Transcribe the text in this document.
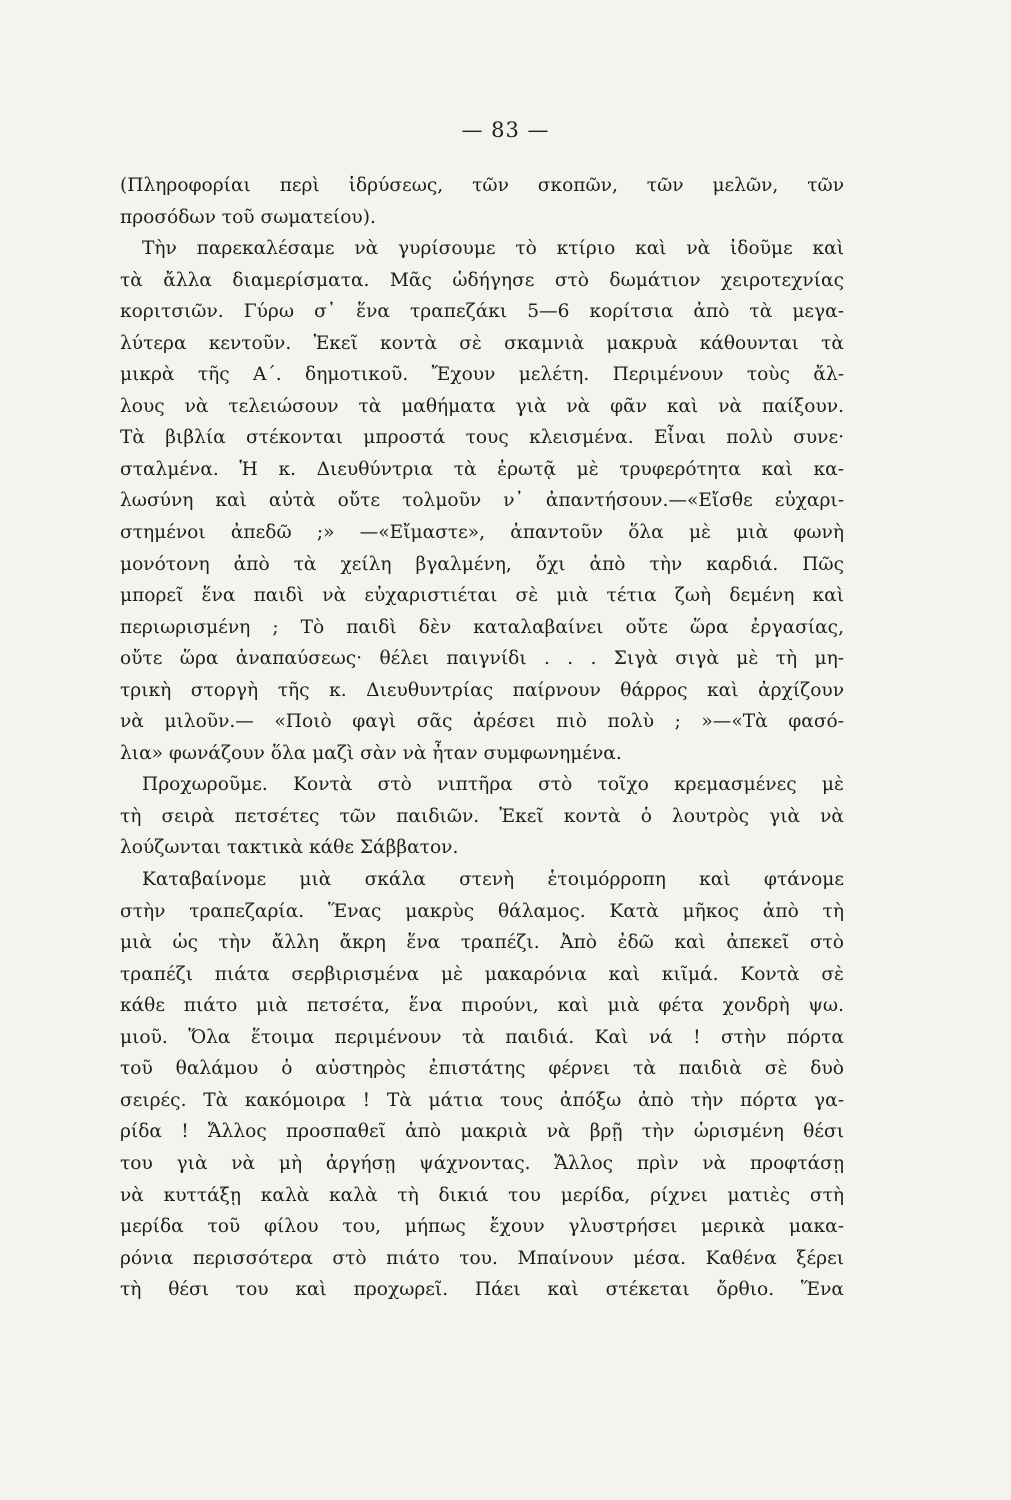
— 83 —
(Πληροφορίαι περὶ ἱδρύσεως, τῶν σκοπῶν, τῶν μελῶν, τῶν
προσόδων τοῦ σωματείου).
Τὴν παρεκαλέσαμε νὰ γυρίσουμε τὸ κτίριο καὶ νὰ ἰδοῦμε καὶ
τὰ ἄλλα διαμερίσματα. Μᾶς ὡδήγησε στὸ δωμάτιον χειροτεχνίας
κοριτσιῶν. Γύρω σ᾽ ἕνα τραπεζάκι 5—6 κορίτσια ἀπὸ τὰ μεγα-
λύτερα κεντοῦν. Ἐκεῖ κοντὰ σὲ σκαμνιὰ μακρυὰ κάθουνται τὰ
μικρὰ τῆς Α΄. δημοτικοῦ. Ἔχουν μελέτη. Περιμένουν τοὺς ἄλ-
λους νὰ τελειώσουν τὰ μαθήματα γιὰ νὰ φᾶν καὶ νὰ παίξουν.
Τὰ βιβλία στέκονται μπροστά τους κλεισμένα. Εἶναι πολὺ συνε·
σταλμένα. Ἡ κ. Διευθύντρια τὰ ἐρωτᾷ μὲ τρυφερότητα καὶ κα-
λωσύνη καὶ αὐτὰ οὔτε τολμοῦν ν᾽ ἀπαντήσουν.—«Εἴσθε εὐχαρι-
στημένοι ἀπεδῶ ;» —«Εἴμαστε», ἀπαντοῦν ὅλα μὲ μιὰ φωνὴ
μονότονη ἀπὸ τὰ χείλη βγαλμένη, ὄχι ἀπὸ τὴν καρδιά. Πῶς
μπορεῖ ἕνα παιδὶ νὰ εὐχαριστιέται σὲ μιὰ τέτια ζωὴ δεμένη καὶ
περιωρισμένη ; Τὸ παιδὶ δὲν καταλαβαίνει οὔτε ὥρα ἐργασίας,
οὔτε ὥρα ἀναπαύσεως· θέλει παιγνίδι . . . Σιγὰ σιγὰ μὲ τὴ μη-
τρικὴ στοργὴ τῆς κ. Διευθυντρίας παίρνουν θάρρος καὶ ἀρχίζουν
νὰ μιλοῦν.— «Ποιὸ φαγὶ σᾶς ἀρέσει πιὸ πολὺ ; »—«Τὰ φασό-
λια» φωνάζουν ὅλα μαζὶ σὰν νὰ ἦταν συμφωνημένα.
Προχωροῦμε. Κοντὰ στὸ νιπτῆρα στὸ τοῖχο κρεμασμένες μὲ
τὴ σειρὰ πετσέτες τῶν παιδιῶν. Ἐκεῖ κοντὰ ὁ λουτρὸς γιὰ νὰ
λούζωνται τακτικὰ κάθε Σάββατον.
Καταβαίνομε μιὰ σκάλα στενὴ ἑτοιμόρροπη καὶ φτάνομε
στὴν τραπεζαρία. Ἕνας μακρὺς θάλαμος. Κατὰ μῆκος ἀπὸ τὴ
μιὰ ὡς τὴν ἄλλη ἄκρη ἕνα τραπέζι. Ἀπὸ ἐδῶ καὶ ἀπεκεῖ στὸ
τραπέζι πιάτα σερβιρισμένα μὲ μακαρόνια καὶ κιῖμά. Κοντὰ σὲ
κάθε πιάτο μιὰ πετσέτα, ἕνα πιρούνι, καὶ μιὰ φέτα χονδρὴ ψω.
μιοῦ. Ὅλα ἕτοιμα περιμένουν τὰ παιδιά. Καὶ νά ! στὴν πόρτα
τοῦ θαλάμου ὁ αὐστηρὸς ἐπιστάτης φέρνει τὰ παιδιὰ σὲ δυὸ
σειρές. Τὰ κακόμοιρα ! Τὰ μάτια τους ἀπόξω ἀπὸ τὴν πόρτα γα-
ρίδα ! Ἄλλος προσπαθεῖ ἀπὸ μακριὰ νὰ βρῇ τὴν ὡρισμένη θέσι
του γιὰ νὰ μὴ ἀργήσῃ ψάχνοντας. Ἄλλος πρὶν νὰ προφτάσῃ
νὰ κυττάξῃ καλὰ καλὰ τὴ δικιά του μερίδα, ρίχνει ματιὲς στὴ
μερίδα τοῦ φίλου του, μήπως ἔχουν γλυστρήσει μερικὰ μακα-
ρόνια περισσότερα στὸ πιάτο του. Μπαίνουν μέσα. Καθένα ξέρει
τὴ θέσι του καὶ προχωρεῖ. Πάει καὶ στέκεται ὄρθιο. Ἕνα
